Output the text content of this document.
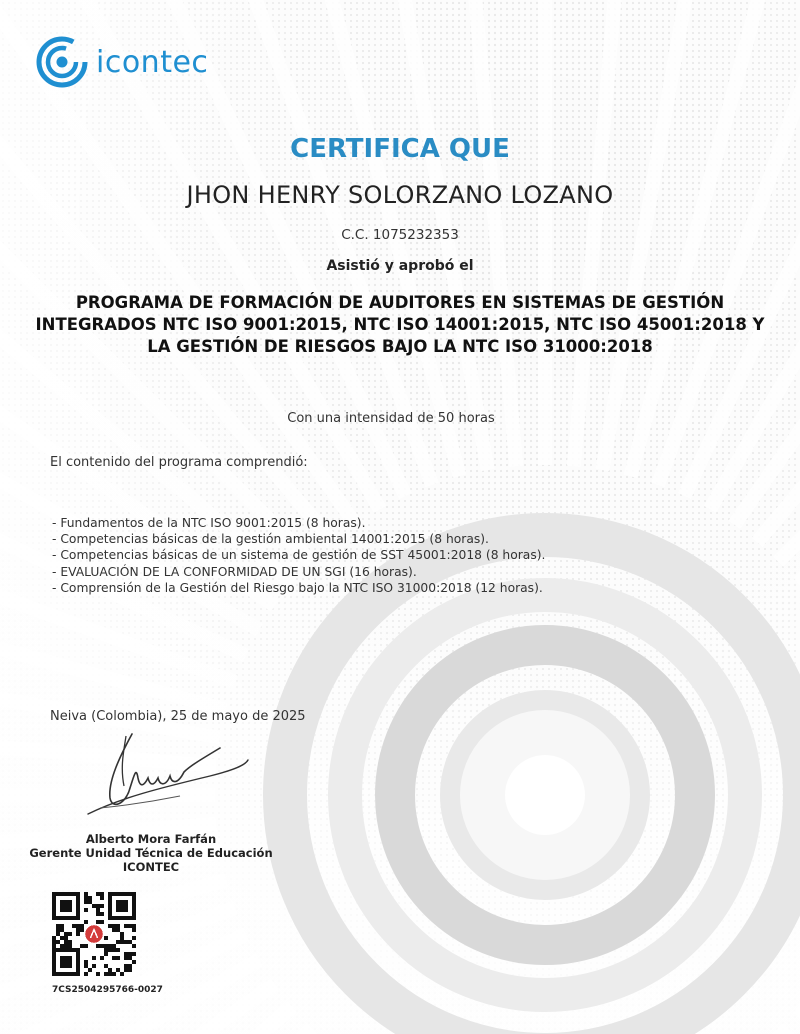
icontec
CERTIFICA QUE
JHON HENRY SOLORZANO LOZANO
C.C. 1075232353
Asistió y aprobó el
PROGRAMA DE FORMACIÓN DE AUDITORES EN SISTEMAS DE GESTIÓN
INTEGRADOS NTC ISO 9001:2015, NTC ISO 14001:2015, NTC ISO 45001:2018 Y
LA GESTIÓN DE RIESGOS BAJO LA NTC ISO 31000:2018
Con una intensidad de 50 horas
El contenido del programa comprendió:
- Fundamentos de la NTC ISO 9001:2015 (8 horas).
- Competencias básicas de la gestión ambiental 14001:2015 (8 horas).
- Competencias básicas de un sistema de gestión de SST 45001:2018 (8 horas).
- EVALUACIÓN DE LA CONFORMIDAD DE UN SGI (16 horas).
- Comprensión de la Gestión del Riesgo bajo la NTC ISO 31000:2018 (12 horas).
Neiva (Colombia), 25 de mayo de 2025
Alberto Mora Farfán
Gerente Unidad Técnica de Educación ICONTEC
7CS2504295766-0027
